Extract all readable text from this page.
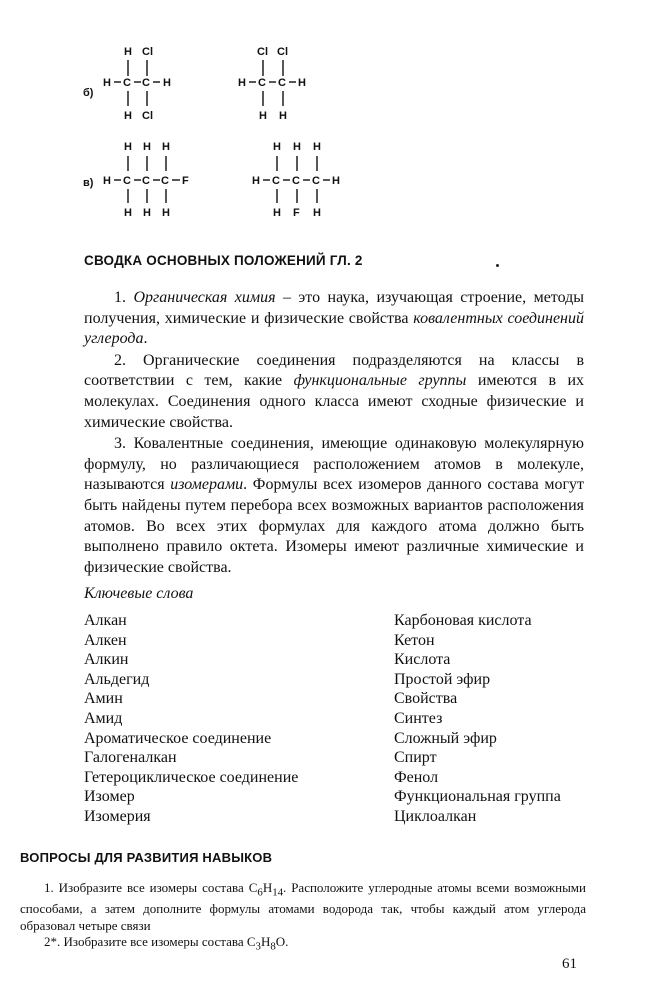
б)
H Cl
H C C H
H Cl
Cl Cl
H C C H
H H
в)
H H H
H C C C F
H H H
H H H
H C C C H
H F H
СВОДКА ОСНОВНЫХ ПОЛОЖЕНИЙ ГЛ. 2

1. Органическая химия – это наука, изучающая строение, методы получения, химические и физические свойства ковалентных соединений углерода.

2. Органические соединения подразделяются на классы в соответствии с тем, какие функциональные группы имеются в их молекулах. Соединения одного класса имеют сходные физические и химические свойства.

3. Ковалентные соединения, имеющие одинаковую молекулярную формулу, но различающиеся расположением атомов в молекуле, называются изомерами. Формулы всех изомеров данного состава могут быть найдены путем перебора всех возможных вариантов расположения атомов. Во всех этих формулах для каждого атома должно быть выполнено правило октета. Изомеры имеют различные химические и физические свойства.

Ключевые слова
Алкан
Алкен
Алкин
Альдегид
Амин
Амид
Ароматическое соединение
Галогеналкан
Гетероциклическое соединение
Изомер
Изомерия
Карбоновая кислота
Кетон
Кислота
Простой эфир
Свойства
Синтез
Сложный эфир
Спирт
Фенол
Функциональная группа
Циклоалкан
ВОПРОСЫ ДЛЯ РАЗВИТИЯ НАВЫКОВ

1. Изобразите все изомеры состава $C_6H_{14}$. Расположите углеродные атомы всеми возможными способами, а затем дополните формулы атомами водорода так, чтобы каждый атом углерода образовал четыре связи

2*. Изобразите все изомеры состава $C_3H_8O$.

61
